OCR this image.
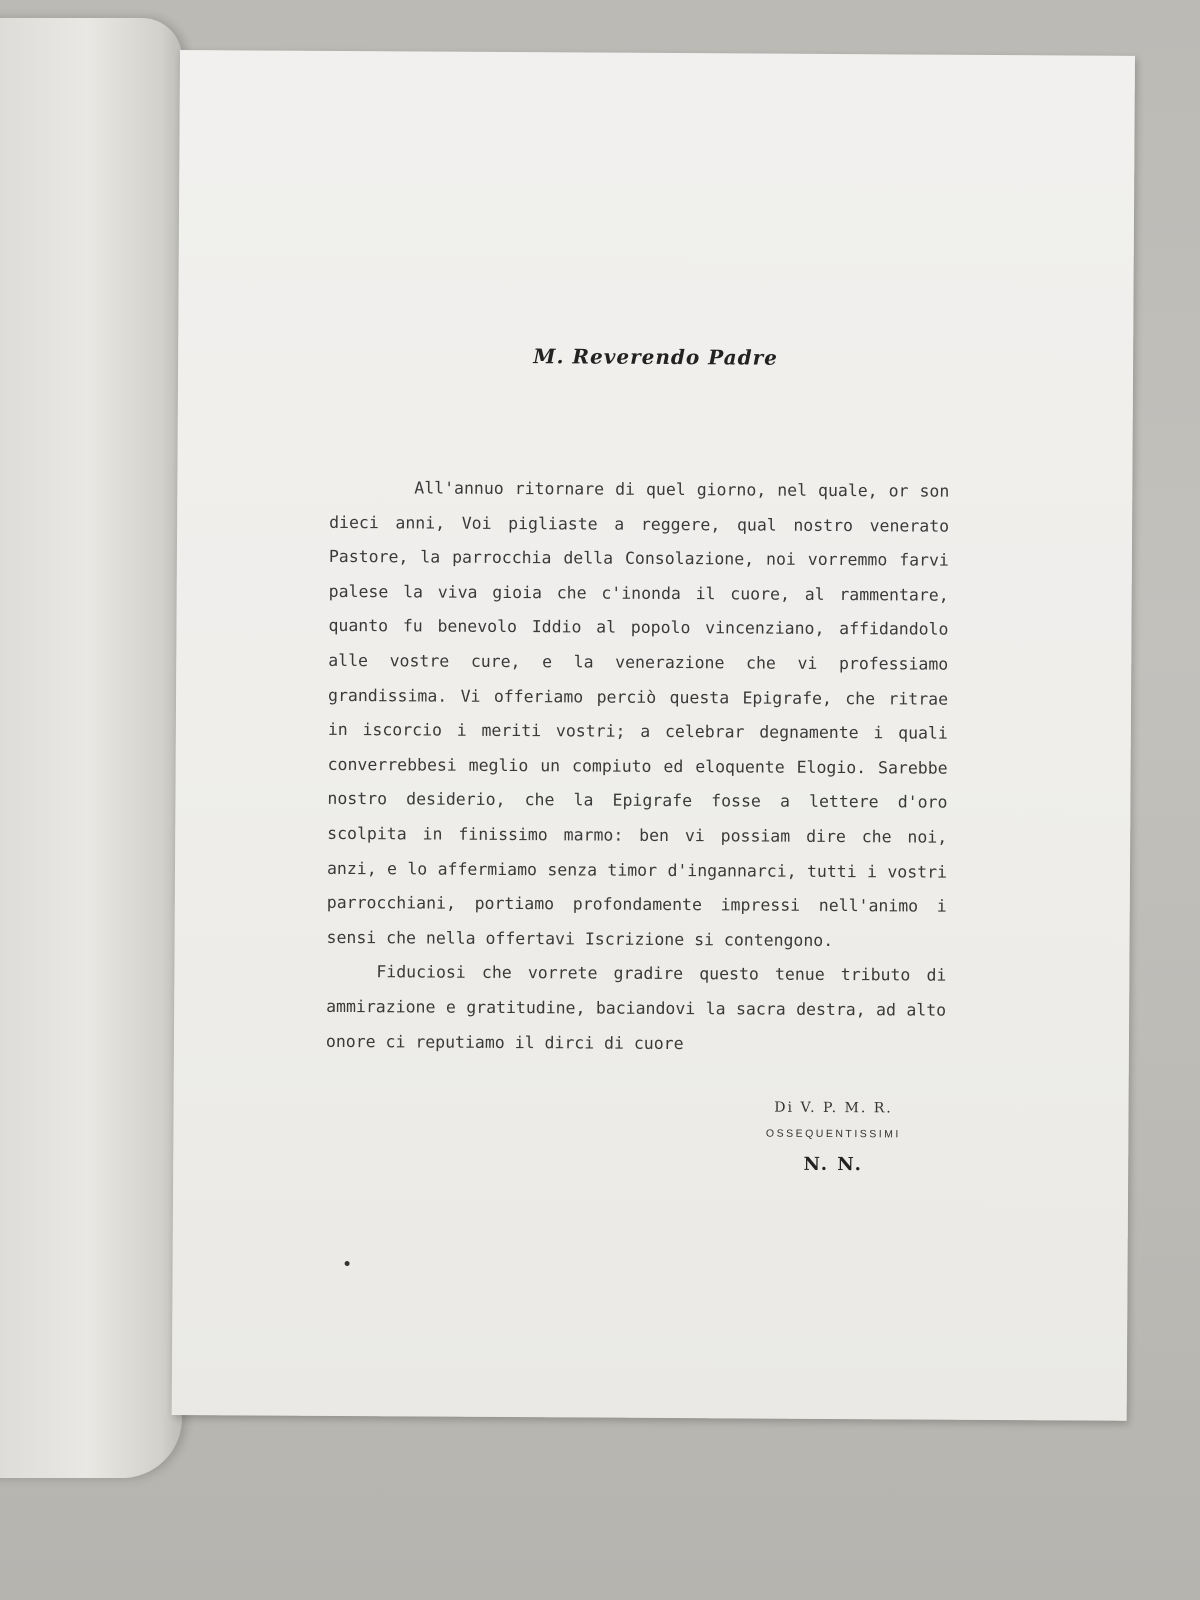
M. Reverendo Padre

All'annuo ritornare di quel giorno, nel quale, or son dieci anni, Voi pigliaste a reggere, qual nostro venerato Pastore, la parrocchia della Consolazione, noi vorremmo farvi palese la viva gioia che c'inonda il cuore, al rammentare, quanto fu benevolo Iddio al popolo vincenziano, affidandolo alle vostre cure, e la venerazione che vi professiamo grandissima. Vi offeriamo perciò questa Epigrafe, che ritrae in iscorcio i meriti vostri; a celebrar degnamente i quali converrebbesi meglio un compiuto ed eloquente Elogio. Sarebbe nostro desiderio, che la Epigrafe fosse a lettere d'oro scolpita in finissimo marmo: ben vi possiam dire che noi, anzi, e lo affermiamo senza timor d'ingannarci, tutti i vostri parrocchiani, portiamo profondamente impressi nell'animo i sensi che nella offertavi Iscrizione si contengono.

Fiduciosi che vorrete gradire questo tenue tributo di ammirazione e gratitudine, baciandovi la sacra destra, ad alto onore ci reputiamo il dirci di cuore

Di V. P. M. R.
OSSEQUENTISSIMI
N. N.
